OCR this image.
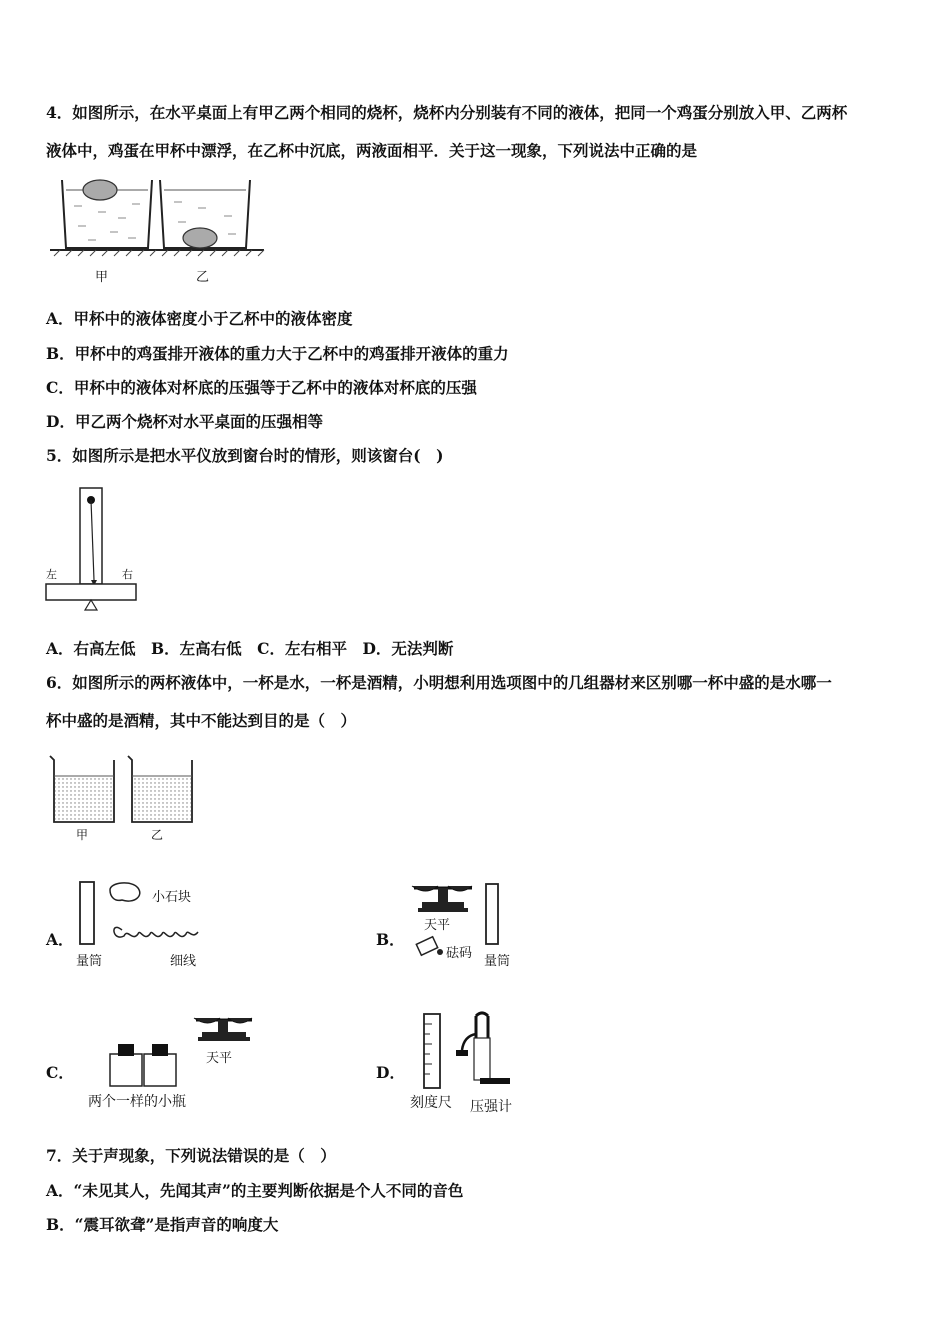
4．如图所示，在水平桌面上有甲乙两个相同的烧杯，烧杯内分别装有不同的液体，把同一个鸡蛋分别放入甲、乙两杯
液体中，鸡蛋在甲杯中漂浮，在乙杯中沉底，两液面相平．关于这一现象，下列说法中正确的是
甲	乙
A．甲杯中的液体密度小于乙杯中的液体密度
B．甲杯中的鸡蛋排开液体的重力大于乙杯中的鸡蛋排开液体的重力
C．甲杯中的液体对杯底的压强等于乙杯中的液体对杯底的压强
D．甲乙两个烧杯对水平桌面的压强相等
5．如图所示是把水平仪放到窗台时的情形，则该窗台(　)
左	右
A．右高左低　B．左高右低　C．左右相平　D．无法判断
6．如图所示的两杯液体中，一杯是水，一杯是酒精，小明想利用选项图中的几组器材来区别哪一杯中盛的是水哪一
杯中盛的是酒精，其中不能达到目的是（　）
甲	乙
A．
小石块
量筒	细线
B．
天平
砝码
量筒
C．
两个一样的小瓶
天平
D．
刻度尺 压强计
7．关于声现象，下列说法错误的是（　）
A．“未见其人，先闻其声”的主要判断依据是个人不同的音色
B．“震耳欲聋”是指声音的响度大
